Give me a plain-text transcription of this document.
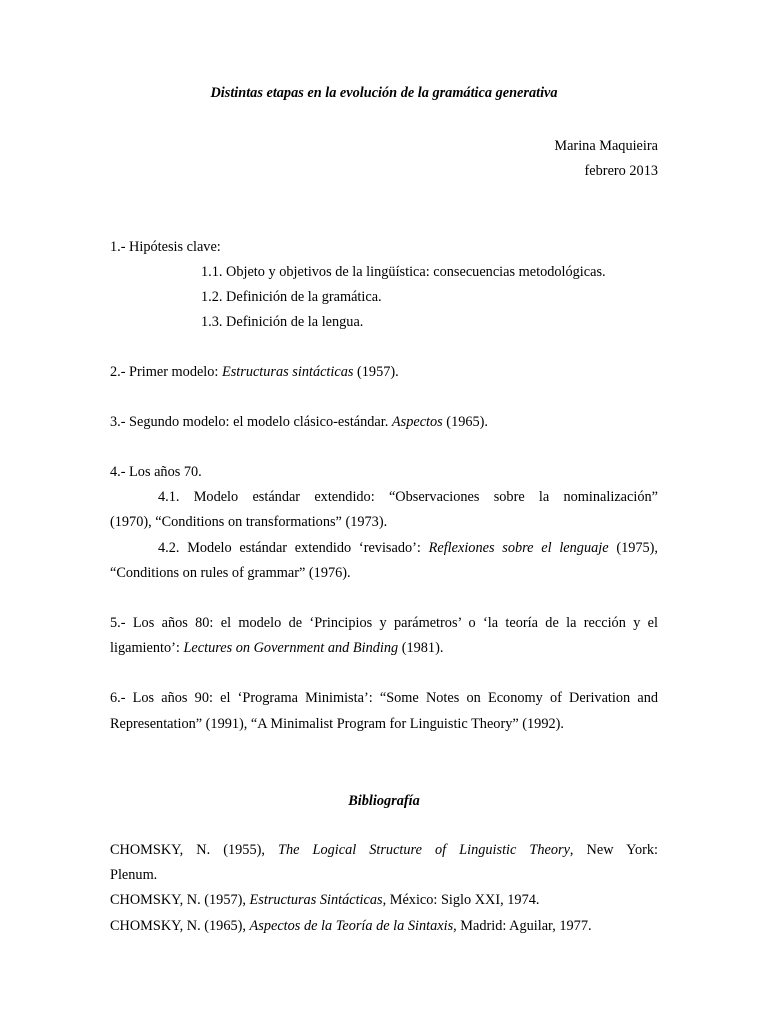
Distintas etapas en la evolución de la gramática generativa
Marina Maquieira
febrero 2013
1.- Hipótesis clave:
1.1. Objeto y objetivos de la lingüística: consecuencias metodológicas.
1.2. Definición de la gramática.
1.3. Definición de la lengua.
2.- Primer modelo: Estructuras sintácticas (1957).
3.- Segundo modelo: el modelo clásico-estándar. Aspectos (1965).
4.- Los años 70.
4.1. Modelo estándar extendido: “Observaciones sobre la nominalización”
(1970), “Conditions on transformations” (1973).
4.2. Modelo estándar extendido ‘revisado’: Reflexiones sobre el lenguaje (1975),
“Conditions on rules of grammar” (1976).
5.- Los años 80: el modelo de ‘Principios y parámetros’ o ‘la teoría de la rección y el
ligamiento’: Lectures on Government and Binding (1981).
6.- Los años 90: el ‘Programa Minimista’: “Some Notes on Economy of Derivation and
Representation” (1991), “A Minimalist Program for Linguistic Theory” (1992).
Bibliografía
CHOMSKY, N. (1955), The Logical Structure of Linguistic Theory, New York:
Plenum.
CHOMSKY, N. (1957), Estructuras Sintácticas, México: Siglo XXI, 1974.
CHOMSKY, N. (1965), Aspectos de la Teoría de la Sintaxis, Madrid: Aguilar, 1977.
